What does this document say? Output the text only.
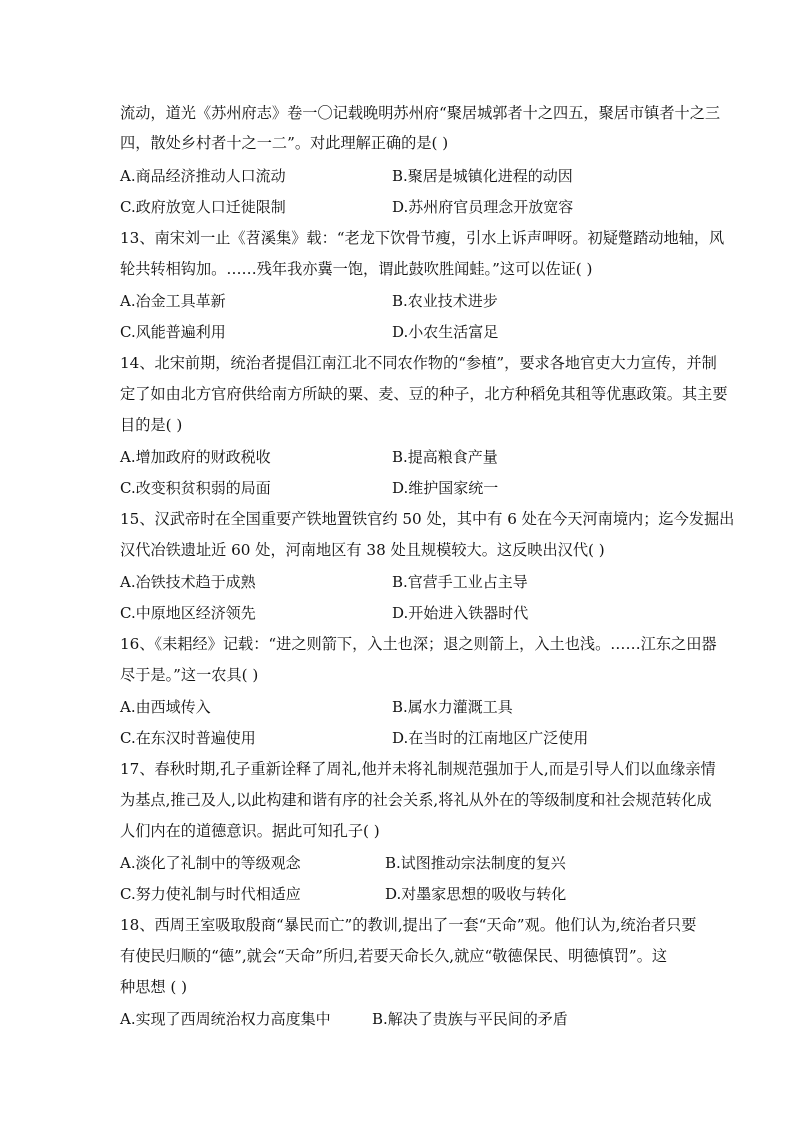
流动，道光《苏州府志》卷一〇记载晚明苏州府“聚居城郭者十之四五，聚居市镇者十之三
四，散处乡村者十之一二”。对此理解正确的是( )
A.商品经济推动人口流动	B.聚居是城镇化进程的动因
C.政府放宽人口迁徙限制	D.苏州府官员理念开放宽容
13、南宋刘一止《苕溪集》载：“老龙下饮骨节瘦，引水上诉声呷呀。初疑蹩踏动地轴，风
轮共转相钩加。……残年我亦冀一饱，谓此鼓吹胜闻蛙。”这可以佐证( )
A.冶金工具革新	B.农业技术进步
C.风能普遍利用	D.小农生活富足
14、北宋前期，统治者提倡江南江北不同农作物的“参植”，要求各地官吏大力宣传，并制
定了如由北方官府供给南方所缺的粟、麦、豆的种子，北方种稻免其租等优惠政策。其主要
目的是( )
A.增加政府的财政税收	B.提高粮食产量
C.改变积贫积弱的局面	D.维护国家统一
15、汉武帝时在全国重要产铁地置铁官约 50 处，其中有 6 处在今天河南境内；迄今发掘出
汉代冶铁遗址近 60 处，河南地区有 38 处且规模较大。这反映出汉代( )
A.冶铁技术趋于成熟	B.官营手工业占主导
C.中原地区经济领先	D.开始进入铁器时代
16、《耒耜经》记载：“进之则箭下，入土也深；退之则箭上，入土也浅。……江东之田器
尽于是。”这一农具( )
A.由西域传入	B.属水力灌溉工具
C.在东汉时普遍使用	D.在当时的江南地区广泛使用
17、春秋时期,孔子重新诠释了周礼,他并未将礼制规范强加于人,而是引导人们以血缘亲情
为基点,推己及人,以此构建和谐有序的社会关系,将礼从外在的等级制度和社会规范转化成
人们内在的道德意识。据此可知孔子( )
A.淡化了礼制中的等级观念	B.试图推动宗法制度的复兴
C.努力使礼制与时代相适应	D.对墨家思想的吸收与转化
18、西周王室吸取殷商“暴民而亡”的教训,提出了一套“天命”观。他们认为,统治者只要
有使民归顺的“德”,就会“天命”所归,若要天命长久,就应“敬德保民、明德慎罚”。这
种思想 ( )
A.实现了西周统治权力高度集中	B.解决了贵族与平民间的矛盾
